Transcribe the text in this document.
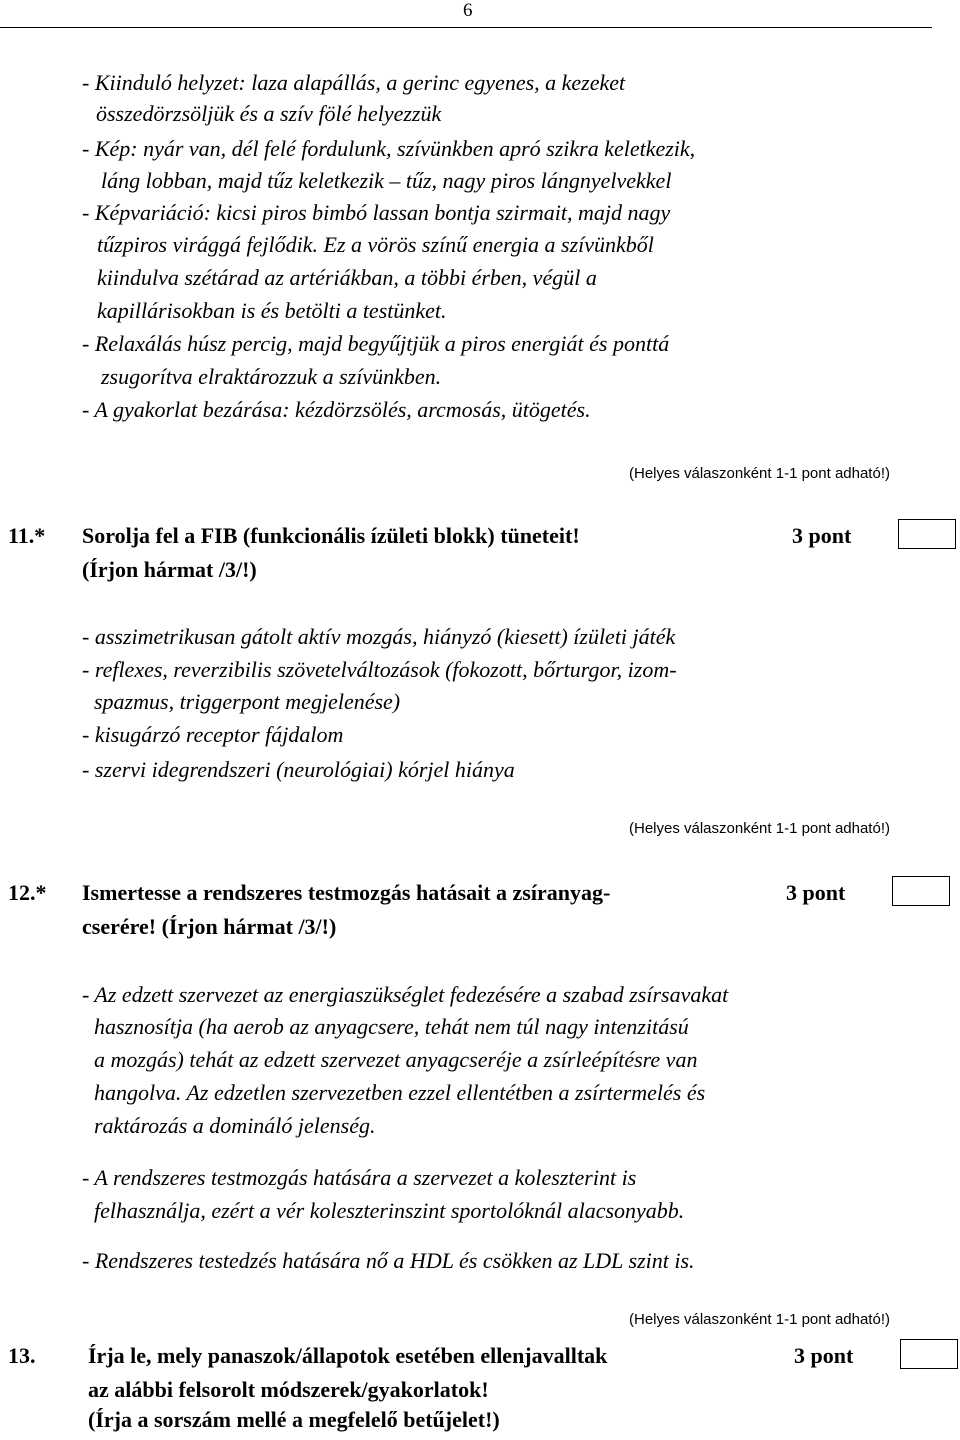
6
- Kiinduló helyzet: laza alapállás, a gerinc egyenes, a kezeket
összedörzsöljük és a szív fölé helyezzük
- Kép: nyár van, dél felé fordulunk, szívünkben apró szikra keletkezik,
láng lobban, majd tűz keletkezik – tűz, nagy piros lángnyelvekkel
- Képvariáció: kicsi piros bimbó lassan bontja szirmait, majd nagy
tűzpiros virággá fejlődik. Ez a vörös színű energia a szívünkből
kiindulva szétárad az artériákban, a többi érben, végül a
kapillárisokban is és betölti a testünket.
- Relaxálás húsz percig, majd begyűjtjük a piros energiát és ponttá
zsugorítva elraktározzuk a szívünkben.
- A gyakorlat bezárása: kézdörzsölés, arcmosás, ütögetés.
(Helyes válaszonként 1-1 pont adható!)
11.* Sorolja fel a FIB (funkcionális ízületi blokk) tüneteit!
(Írjon hármat /3/!)
3 pont
- asszimetrikusan gátolt aktív mozgás, hiányzó (kiesett) ízületi játék
- reflexes, reverzibilis szövetelváltozások (fokozott, bőrturgor, izom-
spazmus, triggerpont megjelenése)
- kisugárzó receptor fájdalom
- szervi idegrendszeri (neurológiai) kórjel hiánya
(Helyes válaszonként 1-1 pont adható!)
12.* Ismertesse a rendszeres testmozgás hatásait a zsíranyag-
cserére! (Írjon hármat /3/!)
3 pont
- Az edzett szervezet az energiaszükséglet fedezésére a szabad zsírsavakat
hasznosítja (ha aerob az anyagcsere, tehát nem túl nagy intenzitású
a mozgás) tehát az edzett szervezet anyagcseréje a zsírleépítésre van
hangolva. Az edzetlen szervezetben ezzel ellentétben a zsírtermelés és
raktározás a domináló jelenség.
- A rendszeres testmozgás hatására a szervezet a koleszterint is
felhasználja, ezért a vér koleszterinszint sportolóknál alacsonyabb.
- Rendszeres testedzés hatására nő a HDL és csökken az LDL szint is.
(Helyes válaszonként 1-1 pont adható!)
13. Írja le, mely panaszok/állapotok esetében ellenjavalltak
az alábbi felsorolt módszerek/gyakorlatok!
(Írja a sorszám mellé a megfelelő betűjelet!)
3 pont
